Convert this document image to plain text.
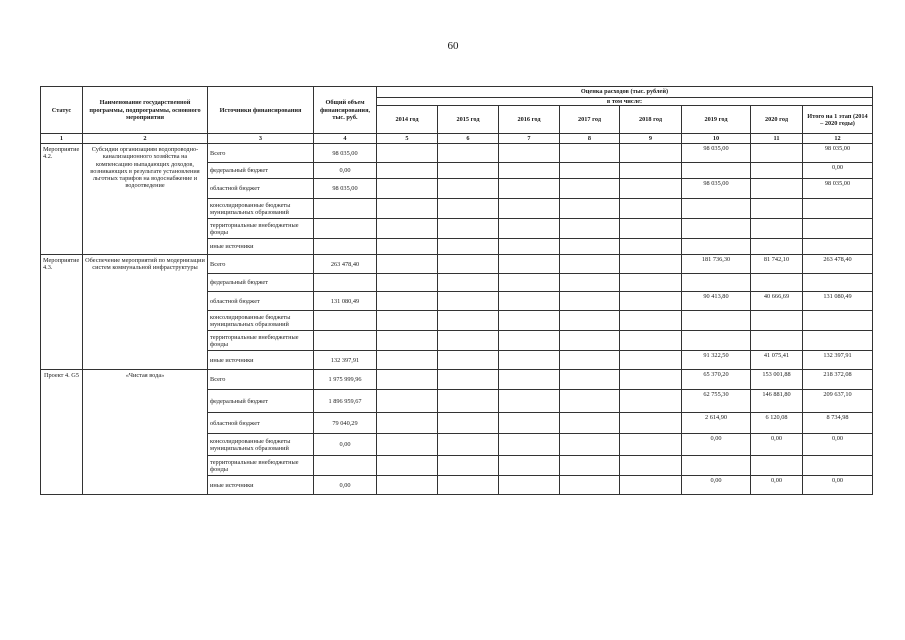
60
Статус	Наименование государственной программы, подпрограммы, основного мероприятия	Источники финансирования	Общий объем финансирования, тыс. руб.	Оценка расходов (тыс. рублей)							
				в том числе:							
				2014 год	2015 год	2016 год	2017 год	2018 год	2019 год	2020 год	Итого на 1 этап (2014 – 2020 годы)
1	2	3	4	5	6	7	8	9	10	11	12
Мероприятие 4.2.	Субсидии организациям водопроводно-канализационного хозяйства на компенсацию выпадающих доходов, возникающих в результате установления льготных тарифов на водоснабжение и водоотведение	Всего	98 035,00						98 035,00		98 035,00
		федеральный бюджет	0,00								0,00
		областной бюджет	98 035,00						98 035,00		98 035,00
		консолидированные бюджеты муниципальных образований									
		территориальные внебюджетные фонды									
		иные источники									
Мероприятие 4.3.	Обеспечение мероприятий по модернизации систем коммунальной инфраструктуры	Всего	263 478,40						181 736,30	81 742,10	263 478,40
		федеральный бюджет									
		областной бюджет	131 080,49						90 413,80	40 666,69	131 080,49
		консолидированные бюджеты муниципальных образований									
		территориальные внебюджетные фонды									
		иные источники	132 397,91						91 322,50	41 075,41	132 397,91
Проект 4. G5	«Чистая вода»	Всего	1 975 999,96						65 370,20	153 001,88	218 372,08
		федеральный бюджет	1 896 959,67						62 755,30	146 881,80	209 637,10
		областной бюджет	79 040,29						2 614,90	6 120,08	8 734,98
		консолидированные бюджеты муниципальных образований	0,00						0,00	0,00	0,00
		территориальные внебюджетные фонды									
		иные источники	0,00						0,00	0,00	0,00
